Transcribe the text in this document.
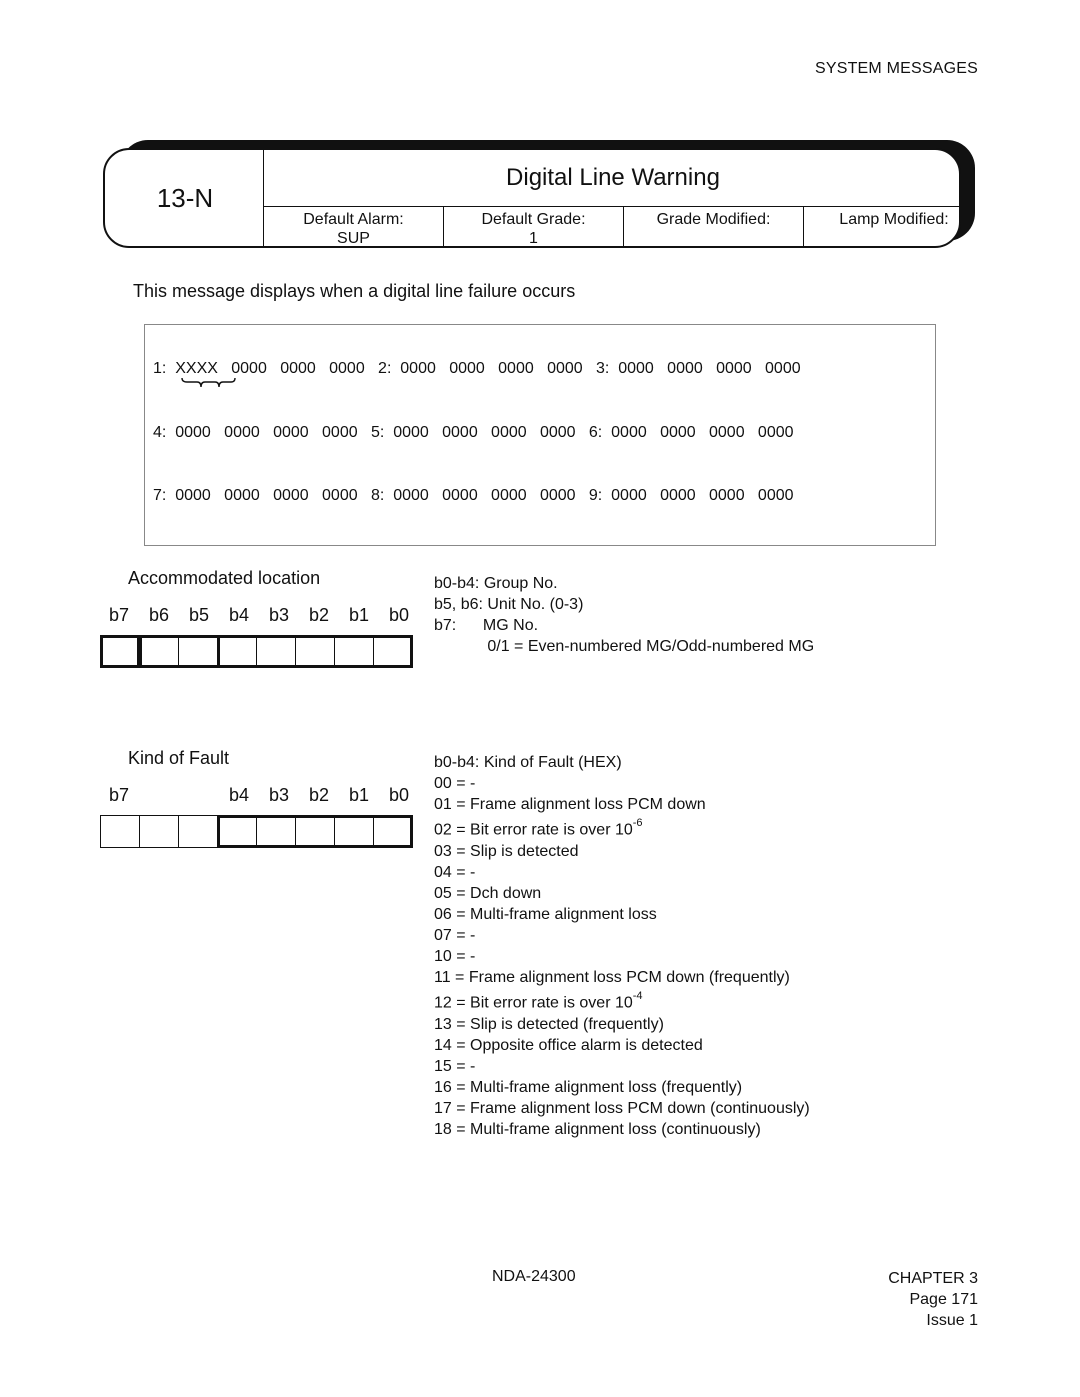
SYSTEM MESSAGES
13-N
Digital Line Warning
Default Alarm:
SUP
Default Grade:
1
Grade Modified:	Lamp Modified:
This message displays when a digital line failure occurs
1:  XXXX   0000   0000   0000   2:  0000   0000   0000   0000   3:  0000   0000   0000   0000
4:  0000   0000   0000   0000   5:  0000   0000   0000   0000   6:  0000   0000   0000   0000
7:  0000   0000   0000   0000   8:  0000   0000   0000   0000   9:  0000   0000   0000   0000
Accommodated location
b7	b6	b5	b4	b3	b2	b1	b0
b0-b4: Group No.
b5, b6: Unit No. (0-3)
b7:      MG No.
0/1 = Even-numbered MG/Odd-numbered MG
Kind of Fault
b7	b4	b3	b2	b1	b0
b0-b4: Kind of Fault (HEX)
00 = -
01 = Frame alignment loss PCM down
02 = Bit error rate is over $10^{-6}$
03 = Slip is detected
04 = -
05 = Dch down
06 = Multi-frame alignment loss
07 = -
10 = -
11 = Frame alignment loss PCM down (frequently)
12 = Bit error rate is over $10^{-4}$
13 = Slip is detected (frequently)
14 = Opposite office alarm is detected
15 = -
16 = Multi-frame alignment loss (frequently)
17 = Frame alignment loss PCM down (continuously)
18 = Multi-frame alignment loss (continuously)
NDA-24300	CHAPTER 3
Page 171
Issue 1
